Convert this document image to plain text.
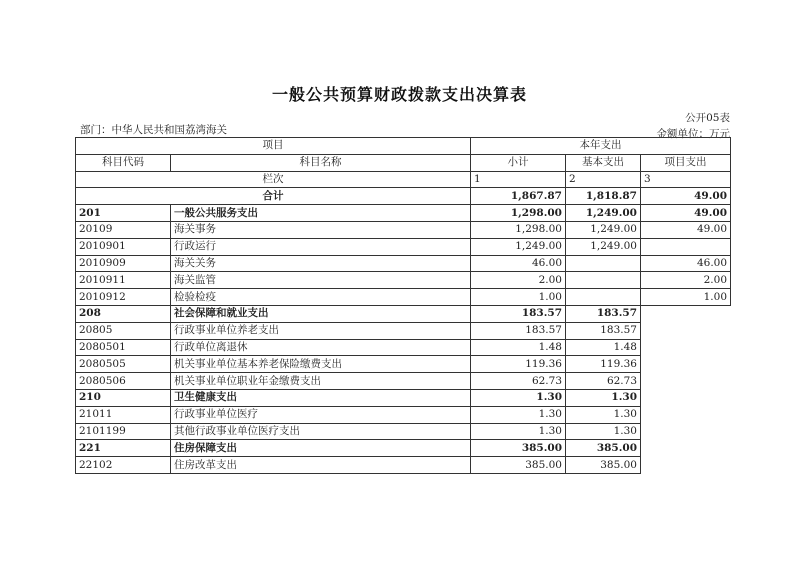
一般公共预算财政拨款支出决算表
公开05表
部门：中华人民共和国荔湾海关	金额单位：万元
项目		本年支出		
科目代码	科目名称	小计	基本支出	项目支出
栏次		1	2	3
合计		1,867.87	1,818.87	49.00
201	一般公共服务支出	1,298.00	1,249.00	49.00
20109	海关事务	1,298.00	1,249.00	49.00
2010901	行政运行	1,249.00	1,249.00	
2010909	海关关务	46.00		46.00
2010911	海关监管	2.00		2.00
2010912	检验检疫	1.00		1.00
208	社会保障和就业支出	183.57	183.57	
20805	行政事业单位养老支出	183.57	183.57	
2080501	行政单位离退休	1.48	1.48	
2080505	机关事业单位基本养老保险缴费支出	119.36	119.36	
2080506	机关事业单位职业年金缴费支出	62.73	62.73	
210	卫生健康支出	1.30	1.30	
21011	行政事业单位医疗	1.30	1.30	
2101199	其他行政事业单位医疗支出	1.30	1.30	
221	住房保障支出	385.00	385.00	
22102	住房改革支出	385.00	385.00	
